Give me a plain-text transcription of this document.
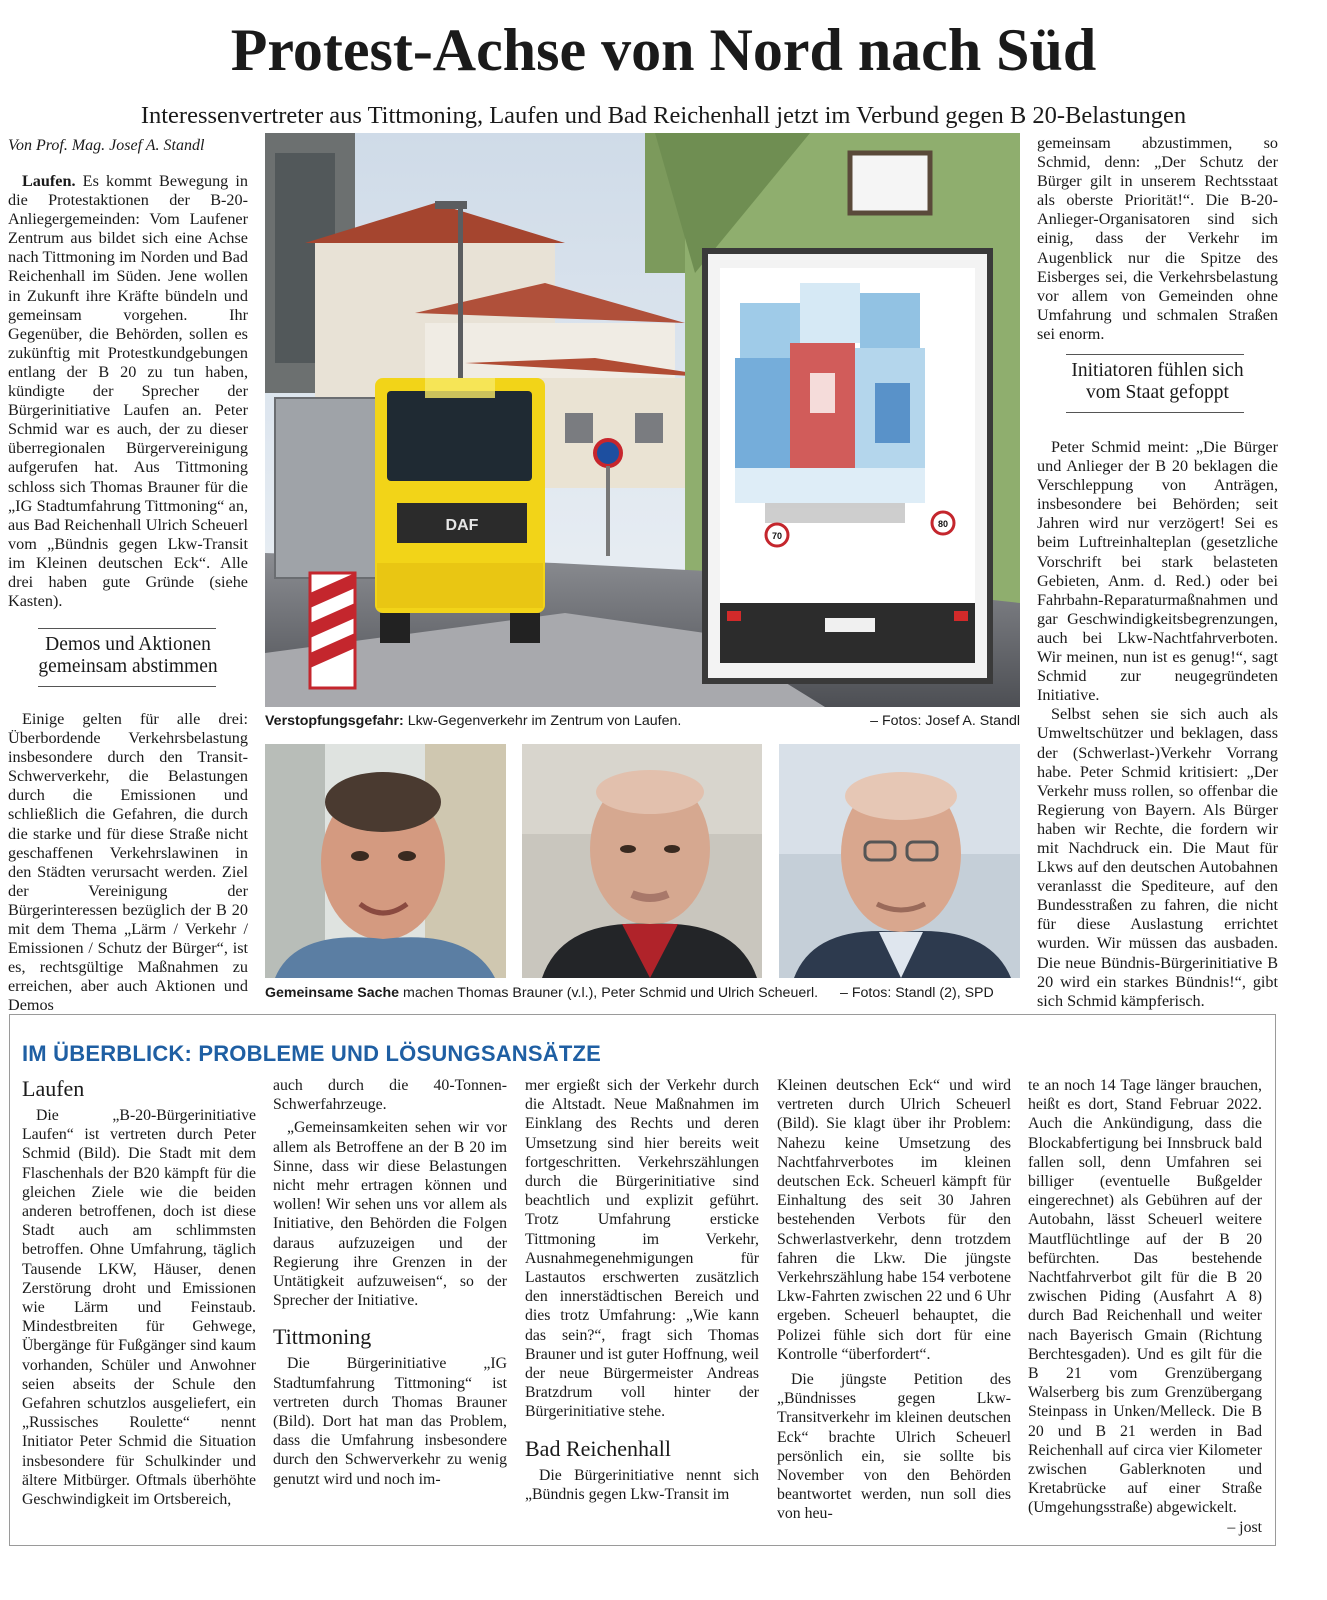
Protest-Achse von Nord nach Süd
Interessenvertreter aus Tittmoning, Laufen und Bad Reichenhall jetzt im Verbund gegen B 20-Belastungen
Von Prof. Mag. Josef A. Standl

Laufen. Es kommt Bewegung in die Protestaktionen der B-20-Anliegergemeinden: Vom Laufener Zentrum aus bildet sich eine Achse nach Tittmoning im Norden und Bad Reichenhall im Süden. Jene wollen in Zukunft ihre Kräfte bündeln und gemeinsam vorgehen. Ihr Gegenüber, die Behörden, sollen es zukünftig mit Protestkundgebungen entlang der B 20 zu tun haben, kündigte der Sprecher der Bürgerinitiative Laufen an. Peter Schmid war es auch, der zu dieser überregionalen Bürgervereinigung aufgerufen hat. Aus Tittmoning schloss sich Thomas Brauner für die „IG Stadtumfahrung Tittmoning“ an, aus Bad Reichenhall Ulrich Scheuerl vom „Bündnis gegen Lkw-Transit im Kleinen deutschen Eck“. Alle drei haben gute Gründe (siehe Kasten).

Demos und Aktionen
gemeinsam abstimmen

Einige gelten für alle drei: Überbordende Verkehrsbelastung insbesondere durch den Transit-Schwerverkehr, die Belastungen durch die Emissionen und schließlich die Gefahren, die durch die starke und für diese Straße nicht geschaffenen Verkehrslawinen in den Städten verursacht werden. Ziel der Vereinigung der Bürgerinteressen bezüglich der B 20 mit dem Thema „Lärm / Verkehr / Emissionen / Schutz der Bürger“, ist es, rechtsgültige Maßnahmen zu erreichen, aber auch Aktionen und Demos

DAF
70
80
Verstopfungsgefahr: Lkw-Gegenverkehr im Zentrum von Laufen.	– Fotos: Josef A. Standl
Gemeinsame Sache machen Thomas Brauner (v.l.), Peter Schmid und Ulrich Scheuerl. – Fotos: Standl (2), SPD

gemeinsam abzustimmen, so Schmid, denn: „Der Schutz der Bürger gilt in unserem Rechtsstaat als oberste Priorität!“. Die B-20-Anlieger-Organisatoren sind sich einig, dass der Verkehr im Augenblick nur die Spitze des Eisberges sei, die Verkehrsbelastung vor allem von Gemeinden ohne Umfahrung und schmalen Straßen sei enorm.

Initiatoren fühlen sich
vom Staat gefoppt

Peter Schmid meint: „Die Bürger und Anlieger der B 20 beklagen die Verschleppung von Anträgen, insbesondere bei Behörden; seit Jahren wird nur verzögert! Sei es beim Luftreinhalteplan (gesetzliche Vorschrift bei stark belasteten Gebieten, Anm. d. Red.) oder bei Fahrbahn-Reparaturmaßnahmen und gar Geschwindigkeitsbegrenzungen, auch bei Lkw-Nachtfahrverboten. Wir meinen, nun ist es genug!“, sagt Schmid zur neugegründeten Initiative.

Selbst sehen sie sich auch als Umweltschützer und beklagen, dass der (Schwerlast-)Verkehr Vorrang habe. Peter Schmid kritisiert: „Der Verkehr muss rollen, so offenbar die Regierung von Bayern. Als Bürger haben wir Rechte, die fordern wir mit Nachdruck ein. Die Maut für Lkws auf den deutschen Autobahnen veranlasst die Spediteure, auf den Bundesstraßen zu fahren, die nicht für diese Auslastung errichtet wurden. Wir müssen das ausbaden. Die neue Bündnis-Bürgerinitiative B 20 wird ein starkes Bündnis!“, gibt sich Schmid kämpferisch.

IM ÜBERBLICK: PROBLEME UND LÖSUNGSANSÄTZE
Laufen

Die „B-20-Bürgerinitiative Laufen“ ist vertreten durch Peter Schmid (Bild). Die Stadt mit dem Flaschenhals der B20 kämpft für die gleichen Ziele wie die beiden anderen betroffenen, doch ist diese Stadt auch am schlimmsten betroffen. Ohne Umfahrung, täglich Tausende LKW, Häuser, denen Zerstörung droht und Emissionen wie Lärm und Feinstaub. Mindestbreiten für Gehwege, Übergänge für Fußgänger sind kaum vorhanden, Schüler und Anwohner seien abseits der Schule den Gefahren schutzlos ausgeliefert, ein „Russisches Roulette“ nennt Initiator Peter Schmid die Situation insbesondere für Schulkinder und ältere Mitbürger. Oftmals überhöhte Geschwindigkeit im Ortsbereich,

auch durch die 40-Tonnen-Schwerfahrzeuge.

„Gemeinsamkeiten sehen wir vor allem als Betroffene an der B 20 im Sinne, dass wir diese Belastungen nicht mehr ertragen können und wollen! Wir sehen uns vor allem als Initiative, den Behörden die Folgen daraus aufzuzeigen und der Regierung ihre Grenzen in der Untätigkeit aufzuweisen“, so der Sprecher der Initiative.

Tittmoning

Die Bürgerinitiative „IG Stadtumfahrung Tittmoning“ ist vertreten durch Thomas Brauner (Bild). Dort hat man das Problem, dass die Umfahrung insbesondere durch den Schwerverkehr zu wenig genutzt wird und noch im-

mer ergießt sich der Verkehr durch die Altstadt. Neue Maßnahmen im Einklang des Rechts und deren Umsetzung sind hier bereits weit fortgeschritten. Verkehrszählungen durch die Bürgerinitiative sind beachtlich und explizit geführt. Trotz Umfahrung ersticke Tittmoning im Verkehr, Ausnahmegenehmigungen für Lastautos erschwerten zusätzlich den innerstädtischen Bereich und dies trotz Umfahrung: „Wie kann das sein?“, fragt sich Thomas Brauner und ist guter Hoffnung, weil der neue Bürgermeister Andreas Bratzdrum voll hinter der Bürgerinitiative stehe.

Bad Reichenhall

Die Bürgerinitiative nennt sich „Bündnis gegen Lkw-Transit im

Kleinen deutschen Eck“ und wird vertreten durch Ulrich Scheuerl (Bild). Sie klagt über ihr Problem: Nahezu keine Umsetzung des Nachtfahrverbotes im kleinen deutschen Eck. Scheuerl kämpft für Einhaltung des seit 30 Jahren bestehenden Verbots für den Schwerlastverkehr, denn trotzdem fahren die Lkw. Die jüngste Verkehrszählung habe 154 verbotene Lkw-Fahrten zwischen 22 und 6 Uhr ergeben. Scheuerl behauptet, die Polizei fühle sich dort für eine Kontrolle “überfordert“.

Die jüngste Petition des „Bündnisses gegen Lkw-Transitverkehr im kleinen deutschen Eck“ brachte Ulrich Scheuerl persönlich ein, sie sollte bis November von den Behörden beantwortet werden, nun soll dies von heu-

te an noch 14 Tage länger brauchen, heißt es dort, Stand Februar 2022. Auch die Ankündigung, dass die Blockabfertigung bei Innsbruck bald fallen soll, denn Umfahren sei billiger (eventuelle Bußgelder eingerechnet) als Gebühren auf der Autobahn, lässt Scheuerl weitere Mautflüchtlinge auf der B 20 befürchten. Das bestehende Nachtfahrverbot gilt für die B 20 zwischen Piding (Ausfahrt A 8) durch Bad Reichenhall und weiter nach Bayerisch Gmain (Richtung Berchtesgaden). Und es gilt für die B 21 vom Grenzübergang Walserberg bis zum Grenzübergang Steinpass in Unken/Melleck. Die B 20 und B 21 werden in Bad Reichenhall auf circa vier Kilometer zwischen Gablerknoten und Kretabrücke auf einer Straße (Umgehungsstraße) abgewickelt.
– jost
